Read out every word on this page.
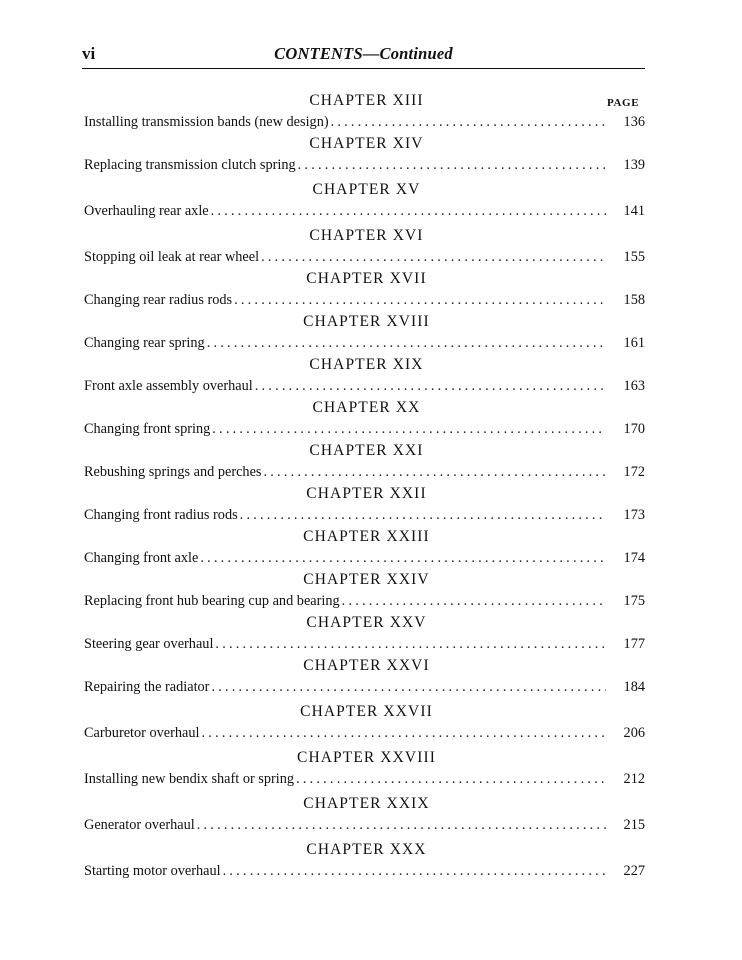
vi	CONTENTS—Continued
PAGE
CHAPTER XIII
Installing transmission bands (new design) .....	136
CHAPTER XIV
Replacing transmission clutch spring .....	139
CHAPTER XV
Overhauling rear axle .....	141
CHAPTER XVI
Stopping oil leak at rear wheel .....	155
CHAPTER XVII
Changing rear radius rods .....	158
CHAPTER XVIII
Changing rear spring .....	161
CHAPTER XIX
Front axle assembly overhaul .....	163
CHAPTER XX
Changing front spring .....	170
CHAPTER XXI
Rebushing springs and perches .....	172
CHAPTER XXII
Changing front radius rods .....	173
CHAPTER XXIII
Changing front axle .....	174
CHAPTER XXIV
Replacing front hub bearing cup and bearing .....	175
CHAPTER XXV
Steering gear overhaul .....	177
CHAPTER XXVI
Repairing the radiator .....	184
CHAPTER XXVII
Carburetor overhaul .....	206
CHAPTER XXVIII
Installing new bendix shaft or spring .....	212
CHAPTER XXIX
Generator overhaul .....	215
CHAPTER XXX
Starting motor overhaul .....	227
